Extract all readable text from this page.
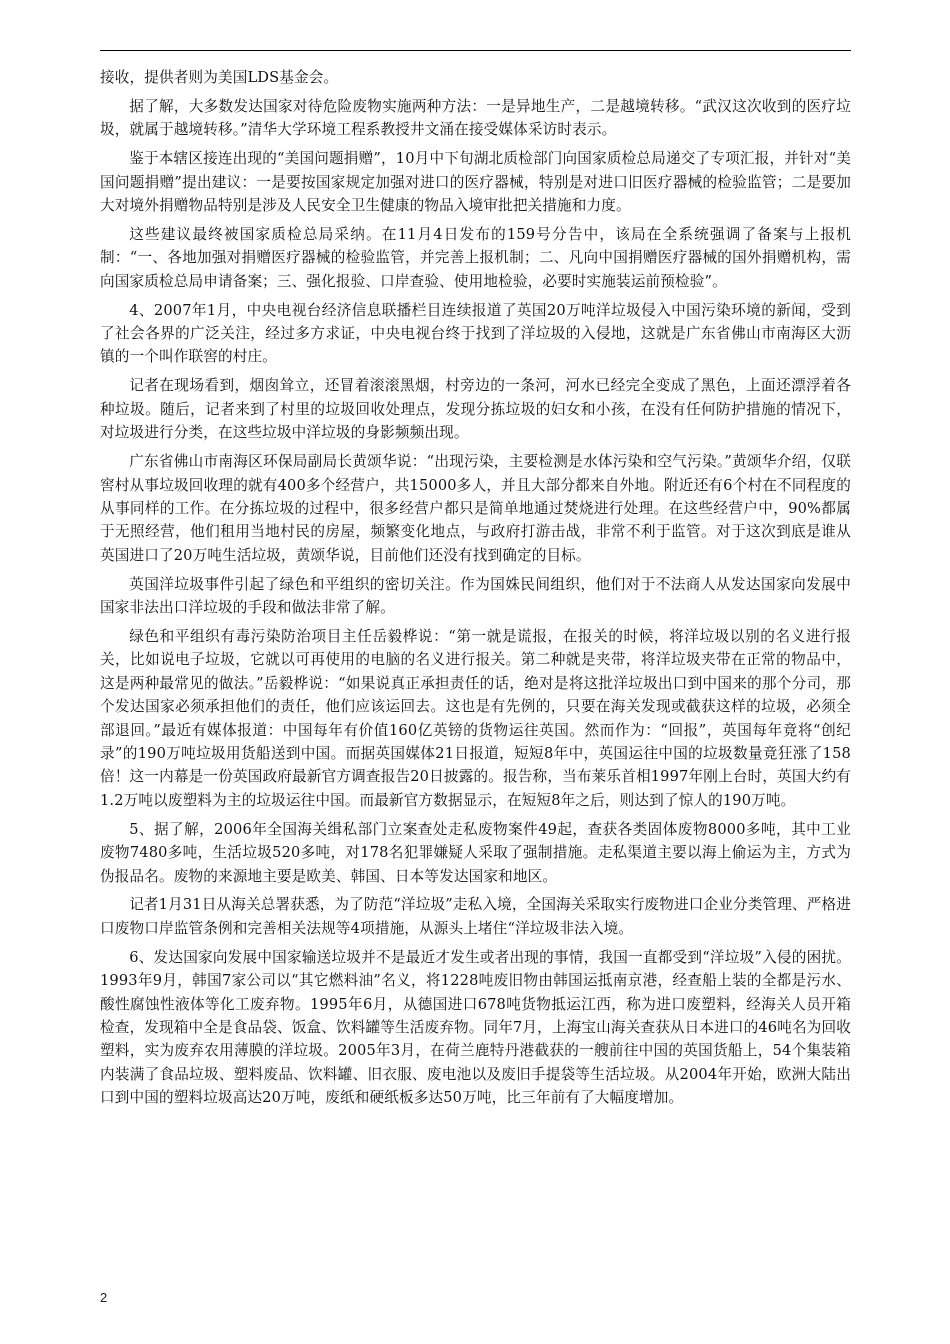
接收，提供者则为美国LDS基金会。

据了解，大多数发达国家对待危险废物实施两种方法：一是异地生产，二是越境转移。“武汉这次收到的医疗垃圾，就属于越境转移。”清华大学环境工程系教授井文涌在接受媒体采访时表示。

鉴于本辖区接连出现的“美国问题捐赠”，10月中下旬湖北质检部门向国家质检总局递交了专项汇报，并针对“美国问题捐赠”提出建议：一是要按国家规定加强对进口的医疗器械，特别是对进口旧医疗器械的检验监管；二是要加大对境外捐赠物品特别是涉及人民安全卫生健康的物品入境审批把关措施和力度。

这些建议最终被国家质检总局采纳。在11月4日发布的159号分告中，该局在全系统强调了备案与上报机制：“一、各地加强对捐赠医疗器械的检验监管，并完善上报机制；二、凡向中国捐赠医疗器械的国外捐赠机构，需向国家质检总局申请备案；三、强化报验、口岸查验、使用地检验，必要时实施装运前预检验”。

4、2007年1月，中央电视台经济信息联播栏目连续报道了英国20万吨洋垃圾侵入中国污染环境的新闻，受到了社会各界的广泛关注，经过多方求证，中央电视台终于找到了洋垃圾的入侵地，这就是广东省佛山市南海区大沥镇的一个叫作联窖的村庄。

记者在现场看到，烟囱耸立，还冒着滚滚黑烟，村旁边的一条河，河水已经完全变成了黑色，上面还漂浮着各种垃圾。随后，记者来到了村里的垃圾回收处理点，发现分拣垃圾的妇女和小孩，在没有任何防护措施的情况下，对垃圾进行分类，在这些垃圾中洋垃圾的身影频频出现。

广东省佛山市南海区环保局副局长黄颂华说：“出现污染，主要检测是水体污染和空气污染。”黄颂华介绍，仅联窖村从事垃圾回收理的就有400多个经营户，共15000多人，并且大部分都来自外地。附近还有6个村在不同程度的从事同样的工作。在分拣垃圾的过程中，很多经营户都只是简单地通过焚烧进行处理。在这些经营户中，90%都属于无照经营，他们租用当地村民的房屋，频繁变化地点，与政府打游击战，非常不利于监管。对于这次到底是谁从英国进口了20万吨生活垃圾，黄颂华说，目前他们还没有找到确定的目标。

英国洋垃圾事件引起了绿色和平组织的密切关注。作为国姝民间组织，他们对于不法商人从发达国家向发展中国家非法出口洋垃圾的手段和做法非常了解。

绿色和平组织有毒污染防治项目主任岳毅桦说：“第一就是谎报，在报关的时候，将洋垃圾以别的名义进行报关，比如说电子垃圾，它就以可再使用的电脑的名义进行报关。第二种就是夹带，将洋垃圾夹带在正常的物品中，这是两种最常见的做法。”岳毅桦说：“如果说真正承担责任的话，绝对是将这批洋垃圾出口到中国来的那个分司，那个发达国家必须承担他们的责任，他们应该运回去。这也是有先例的，只要在海关发现或截获这样的垃圾，必须全部退回。”最近有媒体报道：中国每年有价值160亿英镑的货物运往英国。然而作为：“回报”，英国每年竟将“创纪录”的190万吨垃圾用货船送到中国。而据英国媒体21日报道，短短8年中，英国运往中国的垃圾数量竟狂涨了158倍！这一内幕是一份英国政府最新官方调查报告20日披露的。报告称，当布莱乐首相1997年刚上台时，英国大约有1.2万吨以废塑料为主的垃圾运往中国。而最新官方数据显示，在短短8年之后，则达到了惊人的190万吨。

5、据了解，2006年全国海关缉私部门立案查处走私废物案件49起，查获各类固体废物8000多吨，其中工业废物7480多吨，生活垃圾520多吨，对178名犯罪嫌疑人采取了强制措施。走私渠道主要以海上偷运为主，方式为伪报品名。废物的来源地主要是欧美、韩国、日本等发达国家和地区。

记者1月31日从海关总署获悉，为了防范“洋垃圾”走私入境，全国海关采取实行废物进口企业分类管理、严格进口废物口岸监管条例和完善相关法规等4项措施，从源头上堵住“洋垃圾非法入境。

6、发达国家向发展中国家输送垃圾并不是最近才发生或者出现的事情，我国一直都受到“洋垃圾”入侵的困扰。1993年9月，韩国7家公司以“其它燃料油”名义，将1228吨废旧物由韩国运抵南京港，经查船上装的全都是污水、酸性腐蚀性液体等化工废弃物。1995年6月，从德国进口678吨货物抵运江西，称为进口废塑料，经海关人员开箱检查，发现箱中全是食品袋、饭盒、饮料罐等生活废弃物。同年7月，上海宝山海关查获从日本进口的46吨名为回收塑料，实为废弃农用薄膜的洋垃圾。2005年3月，在荷兰鹿特丹港截获的一艘前往中国的英国货船上，54个集装箱内装满了食品垃圾、塑料废品、饮料罐、旧衣服、废电池以及废旧手提袋等生活垃圾。从2004年开始，欧洲大陆出口到中国的塑料垃圾高达20万吨，废纸和硬纸板多达50万吨，比三年前有了大幅度增加。

2
